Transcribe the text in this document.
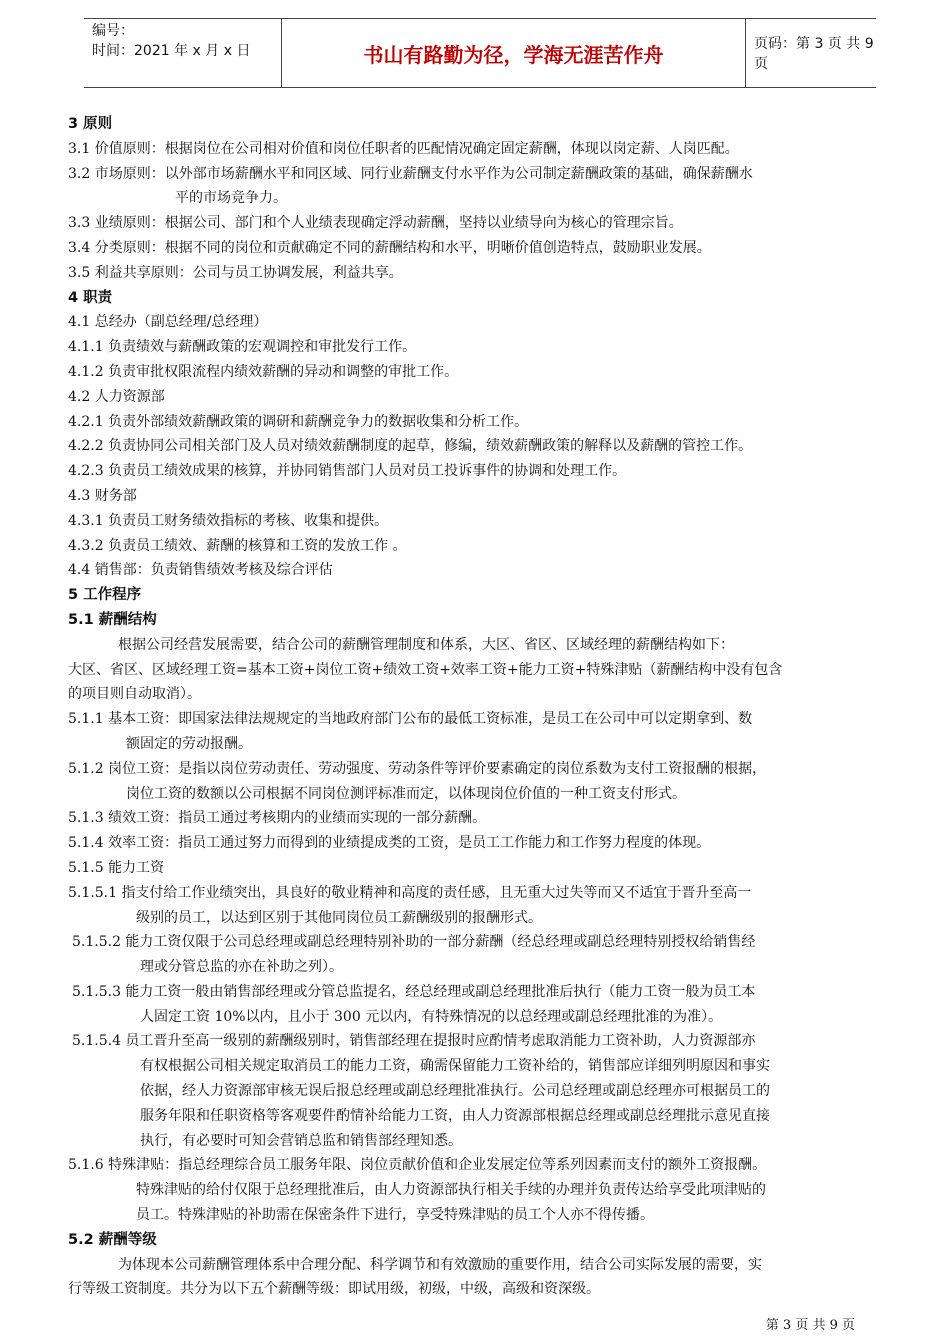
编号：
时间：2021 年 x 月 x 日	书山有路勤为径，学海无涯苦作舟	页码：第 3 页 共 9 页
3 原则
3.1 价值原则：根据岗位在公司相对价值和岗位任职者的匹配情况确定固定薪酬，体现以岗定薪、人岗匹配。
3.2 市场原则：以外部市场薪酬水平和同区域、同行业薪酬支付水平作为公司制定薪酬政策的基础，确保薪酬水
平的市场竞争力。
3.3 业绩原则：根据公司、部门和个人业绩表现确定浮动薪酬，坚持以业绩导向为核心的管理宗旨。
3.4 分类原则：根据不同的岗位和贡献确定不同的薪酬结构和水平，明晰价值创造特点，鼓励职业发展。
3.5 利益共享原则：公司与员工协调发展，利益共享。
4 职责
4.1 总经办（副总经理/总经理）
4.1.1 负责绩效与薪酬政策的宏观调控和审批发行工作。
4.1.2 负责审批权限流程内绩效薪酬的异动和调整的审批工作。
4.2 人力资源部
4.2.1 负责外部绩效薪酬政策的调研和薪酬竞争力的数据收集和分析工作。
4.2.2 负责协同公司相关部门及人员对绩效薪酬制度的起草，修编，绩效薪酬政策的解释以及薪酬的管控工作。
4.2.3 负责员工绩效成果的核算，并协同销售部门人员对员工投诉事件的协调和处理工作。
4.3 财务部
4.3.1 负责员工财务绩效指标的考核、收集和提供。
4.3.2 负责员工绩效、薪酬的核算和工资的发放工作 。
4.4 销售部：负责销售绩效考核及综合评估
5 工作程序
5.1 薪酬结构
根据公司经营发展需要，结合公司的薪酬管理制度和体系，大区、省区、区域经理的薪酬结构如下：
大区、省区、区域经理工资=基本工资+岗位工资+绩效工资+效率工资+能力工资+特殊津贴（薪酬结构中没有包含
的项目则自动取消）。
5.1.1 基本工资：即国家法律法规规定的当地政府部门公布的最低工资标准，是员工在公司中可以定期拿到、数
额固定的劳动报酬。
5.1.2 岗位工资：是指以岗位劳动责任、劳动强度、劳动条件等评价要素确定的岗位系数为支付工资报酬的根据，
岗位工资的数额以公司根据不同岗位测评标准而定，以体现岗位价值的一种工资支付形式。
5.1.3 绩效工资：指员工通过考核期内的业绩而实现的一部分薪酬。
5.1.4 效率工资：指员工通过努力而得到的业绩提成类的工资，是员工工作能力和工作努力程度的体现。
5.1.5 能力工资
5.1.5.1 指支付给工作业绩突出，具良好的敬业精神和高度的责任感，且无重大过失等而又不适宜于晋升至高一
级别的员工，以达到区别于其他同岗位员工薪酬级别的报酬形式。
5.1.5.2 能力工资仅限于公司总经理或副总经理特别补助的一部分薪酬（经总经理或副总经理特别授权给销售经
理或分管总监的亦在补助之列）。
5.1.5.3 能力工资一般由销售部经理或分管总监提名，经总经理或副总经理批准后执行（能力工资一般为员工本
人固定工资 10%以内，且小于 300 元以内，有特殊情况的以总经理或副总经理批准的为准）。
5.1.5.4 员工晋升至高一级别的薪酬级别时，销售部经理在提报时应酌情考虑取消能力工资补助，人力资源部亦
有权根据公司相关规定取消员工的能力工资，确需保留能力工资补给的，销售部应详细列明原因和事实
依据，经人力资源部审核无误后报总经理或副总经理批准执行。公司总经理或副总经理亦可根据员工的
服务年限和任职资格等客观要件酌情补给能力工资，由人力资源部根据总经理或副总经理批示意见直接
执行，有必要时可知会营销总监和销售部经理知悉。
5.1.6 特殊津贴：指总经理综合员工服务年限、岗位贡献价值和企业发展定位等系列因素而支付的额外工资报酬。
特殊津贴的给付仅限于总经理批准后，由人力资源部执行相关手续的办理并负责传达给享受此项津贴的
员工。特殊津贴的补助需在保密条件下进行，享受特殊津贴的员工个人亦不得传播。
5.2 薪酬等级
为体现本公司薪酬管理体系中合理分配、科学调节和有效激励的重要作用，结合公司实际发展的需要，实
行等级工资制度。共分为以下五个薪酬等级：即试用级，初级，中级，高级和资深级。
第 3 页 共 9 页
